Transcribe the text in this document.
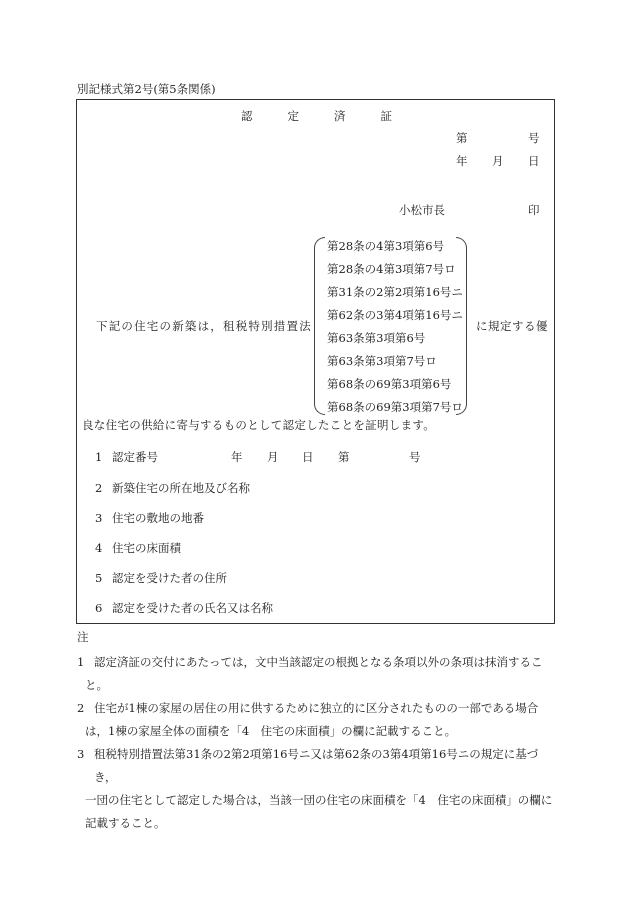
別記様式第2号(第5条関係)
認定済証
第	号
年 月 日
小松市長	印
下記の住宅の新築は，租税特別措置法
第28条の4第3項第6号
第28条の4第3項第7号ロ
第31条の2第2項第16号ニ
第62条の3第4項第16号ニ
第63条第3項第6号
第63条第3項第7号ロ
第68条の69第3項第6号
第68条の69第3項第7号ロ
に規定する優
良な住宅の供給に寄与するものとして認定したことを証明します。
1 認定番号	年 月 日 第	号
2 新築住宅の所在地及び名称
3 住宅の敷地の地番
4 住宅の床面積
5 認定を受けた者の住所
6 認定を受けた者の氏名又は名称
注
1 認定済証の交付にあたっては，文中当該認定の根拠となる条項以外の条項は抹消するこ
と。
2 住宅が1棟の家屋の居住の用に供するために独立的に区分されたものの一部である場合
は，1棟の家屋全体の面積を「4　住宅の床面積」の欄に記載すること。
3 租税特別措置法第31条の2第2項第16号ニ又は第62条の3第4項第16号ニの規定に基づき，
一団の住宅として認定した場合は，当該一団の住宅の床面積を「4　住宅の床面積」の欄に
記載すること。
